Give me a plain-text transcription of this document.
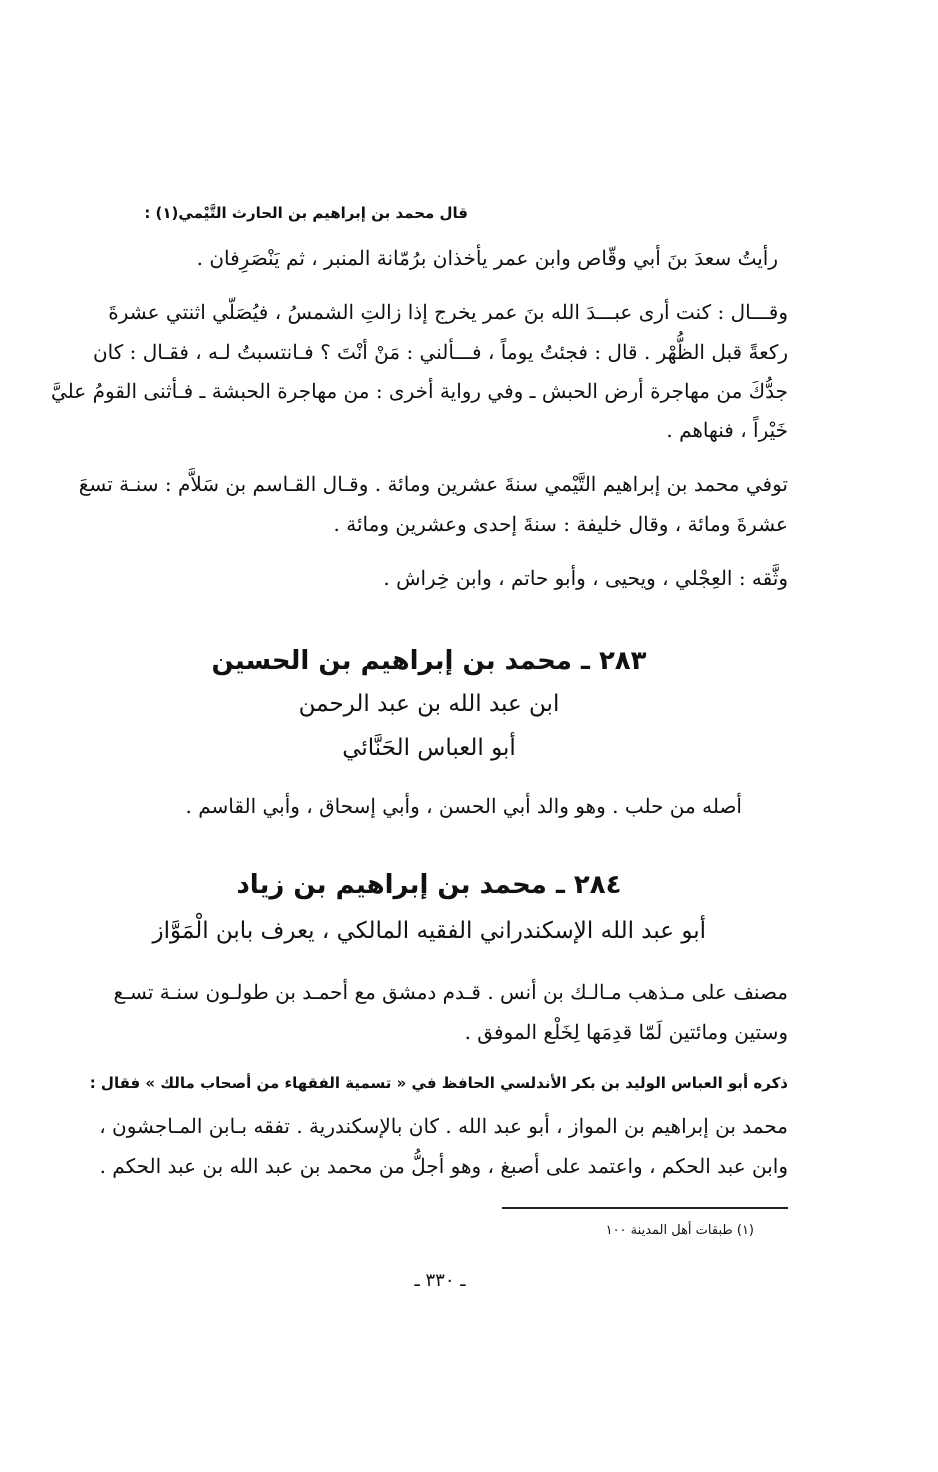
قال محمد بن إبراهيم بن الحارث التَّيْمي(١) :

رأيتُ سعدَ بنَ أبي وقّاص وابن عمر يأخذان برُمّانة المنبر ، ثم يَنْصَرِفان .

وقـــال : كنت أرى عبـــدَ الله بنَ عمر يخرج إذا زالتِ الشمسُ ، فيُصَلّي اثنتي عشرةَ

ركعةً قبل الظُّهْر . قال : فجئتُ يوماً ، فـــألني : مَنْ أنْتَ ؟ فـانتسبتُ لـه ، فقـال : كان

جدُّكَ من مهاجرة أرض الحبش ـ وفي رواية أخرى : من مهاجرة الحبشة ـ فـأثنى القومُ عليَّ

خَيْراً ، فنهاهم .

توفي محمد بن إبراهيم التَّيْمي سنةَ عشرين ومائة . وقـال القـاسم بن سَلاَّم : سنـة تسعَ

عشرةَ ومائة ، وقال خليفة : سنةَ إحدى وعشرين ومائة .

وثَّقه : العِجْلي ، ويحيى ، وأبو حاتم ، وابن خِراش .

٢٨٣ ـ محمد بن إبراهيم بن الحسين

ابن عبد الله بن عبد الرحمن

أبو العباس الحَنَّائي

أصله من حلب . وهو والد أبي الحسن ، وأبي إسحاق ، وأبي القاسم .

٢٨٤ ـ محمد بن إبراهيم بن زياد

أبو عبد الله الإسكندراني الفقيه المالكي ، يعرف بابن الْمَوَّاز

مصنف على مـذهب مـالـك بن أنس . قـدم دمشق مع أحمـد بن طولـون سنـة تسـع

وستين ومائتين لَمّا قدِمَها لِخَلْع الموفق .

ذكره أبو العباس الوليد بن بكر الأندلسي الحافظ في « تسمية الفقهاء من أصحاب مالك » فقال :

محمد بن إبراهيم بن المواز ، أبو عبد الله . كان بالإسكندرية . تفقه بـابن المـاجشون ،

وابن عبد الحكم ، واعتمد على أصبغ ، وهو أجلُّ من محمد بن عبد الله بن عبد الحكم .

(١) طبقات أهل المدينة ١٠٠

ـ ٣٣٠ ـ
